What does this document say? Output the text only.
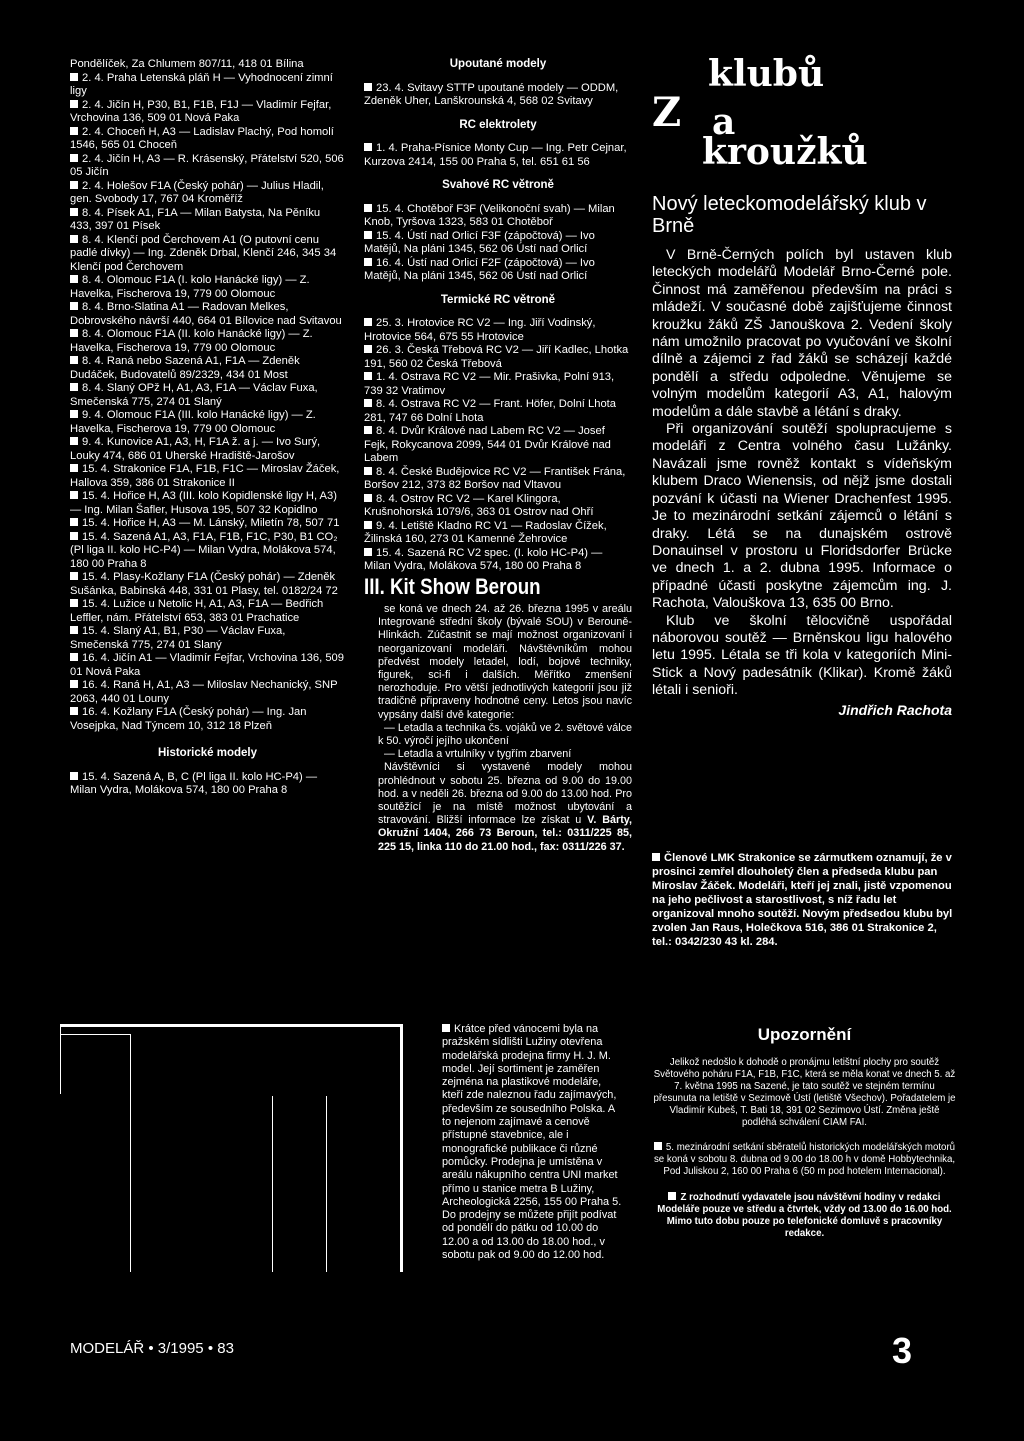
Pondělíček, Za Chlumem 807/11, 418 01 Bílina

2. 4. Praha Letenská pláň H — Vyhodnocení zimní ligy

2. 4. Jičín H, P30, B1, F1B, F1J — Vladimír Fejfar, Vrchovina 136, 509 01 Nová Paka

2. 4. Choceň H, A3 — Ladislav Plachý, Pod homolí 1546, 565 01 Choceň

2. 4. Jičín H, A3 — R. Krásenský, Přátelství 520, 506 05 Jičín

2. 4. Holešov F1A (Český pohár) — Julius Hladil, gen. Svobody 17, 767 04 Kroměříž

8. 4. Písek A1, F1A — Milan Batysta, Na Pěníku 433, 397 01 Písek

8. 4. Klenčí pod Čerchovem A1 (O putovní cenu padlé dívky) — Ing. Zdeněk Drbal, Klenčí 246, 345 34 Klenčí pod Čerchovem

8. 4. Olomouc F1A (I. kolo Hanácké ligy) — Z. Havelka, Fischerova 19, 779 00 Olomouc

8. 4. Brno-Slatina A1 — Radovan Melkes, Dobrovského návrší 440, 664 01 Bílovice nad Svitavou

8. 4. Olomouc F1A (II. kolo Hanácké ligy) — Z. Havelka, Fischerova 19, 779 00 Olomouc

8. 4. Raná nebo Sazená A1, F1A — Zdeněk Dudáček, Budovatelů 89/2329, 434 01 Most

8. 4. Slaný OPž H, A1, A3, F1A — Václav Fuxa, Smečenská 775, 274 01 Slaný

9. 4. Olomouc F1A (III. kolo Hanácké ligy) — Z. Havelka, Fischerova 19, 779 00 Olomouc

9. 4. Kunovice A1, A3, H, F1A ž. a j. — Ivo Surý, Louky 474, 686 01 Uherské Hradiště-Jarošov

15. 4. Strakonice F1A, F1B, F1C — Miroslav Žáček, Hallova 359, 386 01 Strakonice II

15. 4. Hořice H, A3 (III. kolo Kopidlenské ligy H, A3) — Ing. Milan Šafler, Husova 195, 507 32 Kopidlno

15. 4. Hořice H, A3 — M. Lánský, Miletín 78, 507 71

15. 4. Sazená A1, A3, F1A, F1B, F1C, P30, B1 CO₂ (Pl liga II. kolo HC-P4) — Milan Vydra, Molákova 574, 180 00 Praha 8

15. 4. Plasy-Kožlany F1A (Český pohár) — Zdeněk Sušánka, Babinská 448, 331 01 Plasy, tel. 0182/24 72

15. 4. Lužice u Netolic H, A1, A3, F1A — Bedřich Leffler, nám. Přátelství 653, 383 01 Prachatice

15. 4. Slaný A1, B1, P30 — Václav Fuxa, Smečenská 775, 274 01 Slaný

16. 4. Jičín A1 — Vladimír Fejfar, Vrchovina 136, 509 01 Nová Paka

16. 4. Raná H, A1, A3 — Miloslav Nechanický, SNP 2063, 440 01 Louny

16. 4. Kožlany F1A (Český pohár) — Ing. Jan Vosejpka, Nad Týncem 10, 312 18 Plzeň

Historické modely

15. 4. Sazená A, B, C (Pl liga II. kolo HC-P4) — Milan Vydra, Molákova 574, 180 00 Praha 8

Upoutané modely

23. 4. Svitavy STTP upoutané modely — ODDM, Zdeněk Uher, Lanškrounská 4, 568 02 Svitavy

RC elektrolety

1. 4. Praha-Písnice Monty Cup — Ing. Petr Cejnar, Kurzova 2414, 155 00 Praha 5, tel. 651 61 56

Svahové RC větroně

15. 4. Chotěboř F3F (Velikonoční svah) — Milan Knob, Tyršova 1323, 583 01 Chotěboř

15. 4. Ústí nad Orlicí F3F (zápočtová) — Ivo Matějů, Na pláni 1345, 562 06 Ústí nad Orlicí

16. 4. Ústí nad Orlicí F2F (zápočtová) — Ivo Matějů, Na pláni 1345, 562 06 Ústí nad Orlicí

Termické RC větroně

25. 3. Hrotovice RC V2 — Ing. Jiří Vodinský, Hrotovice 564, 675 55 Hrotovice

26. 3. Česká Třebová RC V2 — Jiří Kadlec, Lhotka 191, 560 02 Česká Třebová

1. 4. Ostrava RC V2 — Mir. Prašivka, Polní 913, 739 32 Vratimov

8. 4. Ostrava RC V2 — Frant. Höfer, Dolní Lhota 281, 747 66 Dolní Lhota

8. 4. Dvůr Králové nad Labem RC V2 — Josef Fejk, Rokycanova 2099, 544 01 Dvůr Králové nad Labem

8. 4. České Budějovice RC V2 — František Frána, Boršov 212, 373 82 Boršov nad Vltavou

8. 4. Ostrov RC V2 — Karel Klingora, Krušnohorská 1079/6, 363 01 Ostrov nad Ohří

9. 4. Letiště Kladno RC V1 — Radoslav Čížek, Žilinská 160, 273 01 Kamenné Žehrovice

15. 4. Sazená RC V2 spec. (I. kolo HC-P4) — Milan Vydra, Molákova 574, 180 00 Praha 8

III. Kit Show Beroun

se koná ve dnech 24. až 26. března 1995 v areálu Integrované střední školy (bývalé SOU) v Berouně-Hlinkách. Zúčastnit se mají možnost organizovaní i neorganizovaní modeláři. Návštěvníkům mohou předvést modely letadel, lodí, bojové techniky, figurek, sci-fi i dalších. Měřítko zmenšení nerozhoduje. Pro větší jednotlivých kategorií jsou již tradičně připraveny hodnotné ceny. Letos jsou navíc vypsány další dvě kategorie:

— Letadla a technika čs. vojáků ve 2. světové válce k 50. výročí jejího ukončení

— Letadla a vrtulníky v tygřím zbarvení

Návštěvníci si vystavené modely mohou prohlédnout v sobotu 25. března od 9.00 do 19.00 hod. a v neděli 26. března od 9.00 do 13.00 hod. Pro soutěžící je na místě možnost ubytování a stravování. Bližší informace lze získat u V. Bárty, Okružní 1404, 266 73 Beroun, tel.: 0311/225 85, 225 15, linka 110 do 21.00 hod., fax: 0311/226 37.

Krátce před vánocemi byla na pražském sídlišti Lužiny otevřena modelářská prodejna firmy H. J. M. model. Její sortiment je zaměřen zejména na plastikové modeláře, kteří zde naleznou řadu zajímavých, především ze sousedního Polska. A to nejenom zajímavé a cenově přístupné stavebnice, ale i monografické publikace či různé pomůcky. Prodejna je umístěna v areálu nákupního centra UNI market přímo u stanice metra B Lužiny, Archeologická 2256, 155 00 Praha 5. Do prodejny se můžete přijít podívat od pondělí do pátku od 10.00 do 12.00 a od 13.00 do 18.00 hod., v sobotu pak od 9.00 do 12.00 hod.
klubů
Z a
kroužků
Nový leteckomodelářský klub v Brně

V Brně-Černých polích byl ustaven klub leteckých modelářů Modelář Brno-Černé pole. Činnost má zaměřenou především na práci s mládeží. V současné době zajišťujeme činnost kroužku žáků ZŠ Janouškova 2. Vedení školy nám umožnilo pracovat po vyučování ve školní dílně a zájemci z řad žáků se scházejí každé pondělí a středu odpoledne. Věnujeme se volným modelům kategorií A3, A1, halovým modelům a dále stavbě a létání s draky.

Při organizování soutěží spolupracujeme s modeláři z Centra volného času Lužánky. Navázali jsme rovněž kontakt s vídeňským klubem Draco Wienensis, od nějž jsme dostali pozvání k účasti na Wiener Drachenfest 1995. Je to mezinárodní setkání zájemců o létání s draky. Létá se na dunajském ostrově Donauinsel v prostoru u Floridsdorfer Brücke ve dnech 1. a 2. dubna 1995. Informace o případné účasti poskytne zájemcům ing. J. Rachota, Valouškova 13, 635 00 Brno.

Klub ve školní tělocvičně uspořádal náborovou soutěž — Brněnskou ligu halového letu 1995. Létala se tři kola v kategoriích Mini-Stick a Nový padesátník (Klikar). Kromě žáků létali i senioři.

Jindřich Rachota
Členové LMK Strakonice se zármutkem oznamují, že v prosinci zemřel dlouholetý člen a předseda klubu pan Miroslav Žáček. Modeláři, kteří jej znali, jistě vzpomenou na jeho pečlivost a starostlivost, s níž řadu let organizoval mnoho soutěží. Novým předsedou klubu byl zvolen Jan Raus, Holečkova 516, 386 01 Strakonice 2, tel.: 0342/230 43 kl. 284.
Upozornění
Jelikož nedošlo k dohodě o pronájmu letištní plochy pro soutěž Světového poháru F1A, F1B, F1C, která se měla konat ve dnech 5. až 7. května 1995 na Sazené, je tato soutěž ve stejném termínu přesunuta na letiště v Sezimově Ústí (letiště Všechov). Pořadatelem je Vladimír Kubeš, T. Bati 18, 391 02 Sezimovo Ústí. Změna ještě podléhá schválení CIAM FAI.
5. mezinárodní setkání sběratelů historických modelářských motorů se koná v sobotu 8. dubna od 9.00 do 18.00 h v domě Hobbytechnika, Pod Juliskou 2, 160 00 Praha 6 (50 m pod hotelem Internacional).
Z rozhodnutí vydavatele jsou návštěvní hodiny v redakci Modeláře pouze ve středu a čtvrtek, vždy od 13.00 do 16.00 hod. Mimo tuto dobu pouze po telefonické domluvě s pracovníky redakce.
MODELÁŘ • 3/1995 • 83	3
